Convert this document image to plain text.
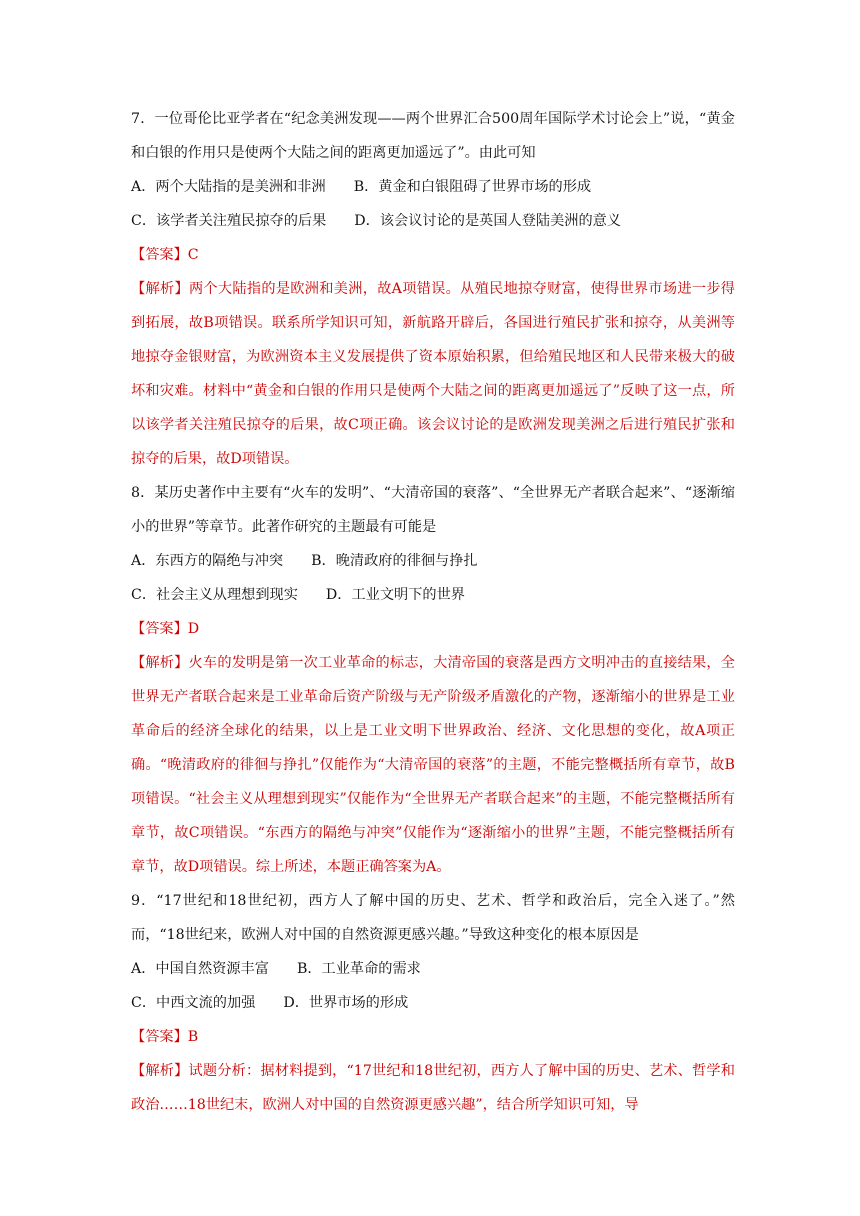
7．一位哥伦比亚学者在“纪念美洲发现——两个世界汇合500周年国际学术讨论会上”说，“黄金和白银的作用只是使两个大陆之间的距离更加遥远了”。由此可知
A．两个大陆指的是美洲和非洲 B．黄金和白银阻碍了世界市场的形成
C．该学者关注殖民掠夺的后果 D．该会议讨论的是英国人登陆美洲的意义
【答案】C
【解析】两个大陆指的是欧洲和美洲，故A项错误。从殖民地掠夺财富，使得世界市场进一步得到拓展，故B项错误。联系所学知识可知，新航路开辟后，各国进行殖民扩张和掠夺，从美洲等地掠夺金银财富，为欧洲资本主义发展提供了资本原始积累，但给殖民地区和人民带来极大的破坏和灾难。材料中“黄金和白银的作用只是使两个大陆之间的距离更加遥远了”反映了这一点，所以该学者关注殖民掠夺的后果，故C项正确。该会议讨论的是欧洲发现美洲之后进行殖民扩张和掠夺的后果，故D项错误。
8．某历史著作中主要有“火车的发明”、“大清帝国的衰落”、“全世界无产者联合起来”、“逐渐缩小的世界”等章节。此著作研究的主题最有可能是
A．东西方的隔绝与冲突 B．晚清政府的徘徊与挣扎
C．社会主义从理想到现实 D．工业文明下的世界
【答案】D
【解析】火车的发明是第一次工业革命的标志，大清帝国的衰落是西方文明冲击的直接结果，全世界无产者联合起来是工业革命后资产阶级与无产阶级矛盾激化的产物，逐渐缩小的世界是工业革命后的经济全球化的结果，以上是工业文明下世界政治、经济、文化思想的变化，故A项正确。“晚清政府的徘徊与挣扎”仅能作为“大清帝国的衰落”的主题，不能完整概括所有章节，故B项错误。“社会主义从理想到现实”仅能作为“全世界无产者联合起来”的主题，不能完整概括所有章节，故C项错误。“东西方的隔绝与冲突”仅能作为“逐渐缩小的世界”主题，不能完整概括所有章节，故D项错误。综上所述，本题正确答案为A。
9．“17世纪和18世纪初，西方人了解中国的历史、艺术、哲学和政治后，完全入迷了。”然而，“18世纪来，欧洲人对中国的自然资源更感兴趣。”导致这种变化的根本原因是
A．中国自然资源丰富 B．工业革命的需求
C．中西文流的加强 D．世界市场的形成
【答案】B
【解析】试题分析：据材料提到，“17世纪和18世纪初，西方人了解中国的历史、艺术、哲学和政治……18世纪末，欧洲人对中国的自然资源更感兴趣”，结合所学知识可知，导
